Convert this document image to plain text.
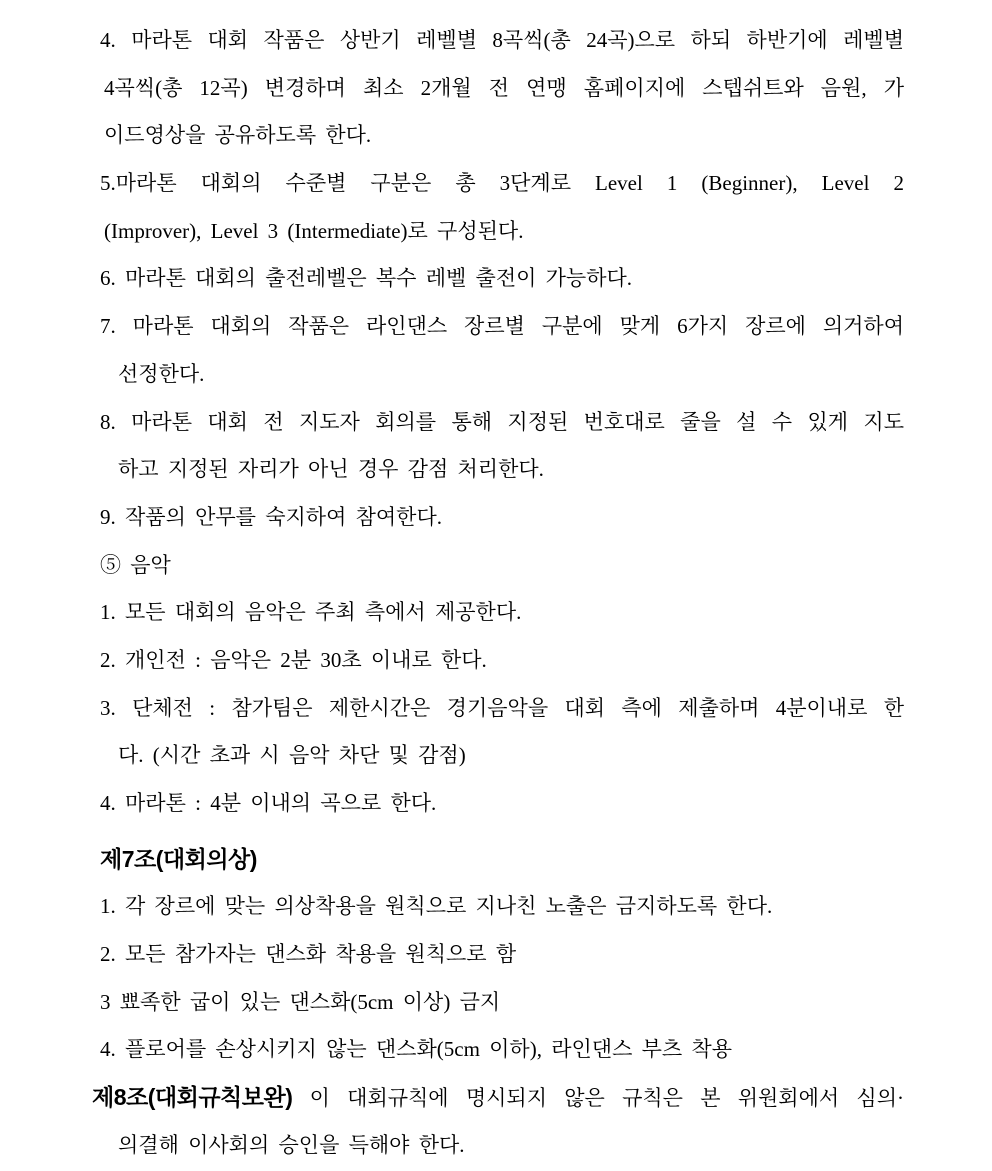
4. 마라톤 대회 작품은 상반기 레벨별 8곡씩(총 24곡)으로 하되 하반기에 레벨별
4곡씩(총 12곡) 변경하며 최소 2개월 전 연맹 홈페이지에 스텝쉬트와 음원, 가
이드영상을 공유하도록 한다.
5.마라톤 대회의 수준별 구분은 총 3단계로 Level 1 (Beginner), Level 2
(Improver), Level 3 (Intermediate)로 구성된다.
6. 마라톤 대회의 출전레벨은 복수 레벨 출전이 가능하다.
7. 마라톤 대회의 작품은 라인댄스 장르별 구분에 맞게 6가지 장르에 의거하여
선정한다.
8. 마라톤 대회 전 지도자 회의를 통해 지정된 번호대로 줄을 설 수 있게 지도
하고 지정된 자리가 아닌 경우 감점 처리한다.
9. 작품의 안무를 숙지하여 참여한다.
⑤ 음악
1. 모든 대회의 음악은 주최 측에서 제공한다.
2. 개인전 : 음악은 2분 30초 이내로 한다.
3. 단체전 : 참가팀은 제한시간은 경기음악을 대회 측에 제출하며 4분이내로 한
다. (시간 초과 시 음악 차단 및 감점)
4. 마라톤 : 4분 이내의 곡으로 한다.
제7조(대회의상)
1. 각 장르에 맞는 의상착용을 원칙으로 지나친 노출은 금지하도록 한다.
2. 모든 참가자는 댄스화 착용을 원칙으로 함
3 뾰족한 굽이 있는 댄스화(5cm 이상) 금지
4. 플로어를 손상시키지 않는 댄스화(5cm 이하), 라인댄스 부츠 착용
제8조(대회규칙보완) 이 대회규칙에 명시되지 않은 규칙은 본 위원회에서 심의·
의결해 이사회의 승인을 득해야 한다.
